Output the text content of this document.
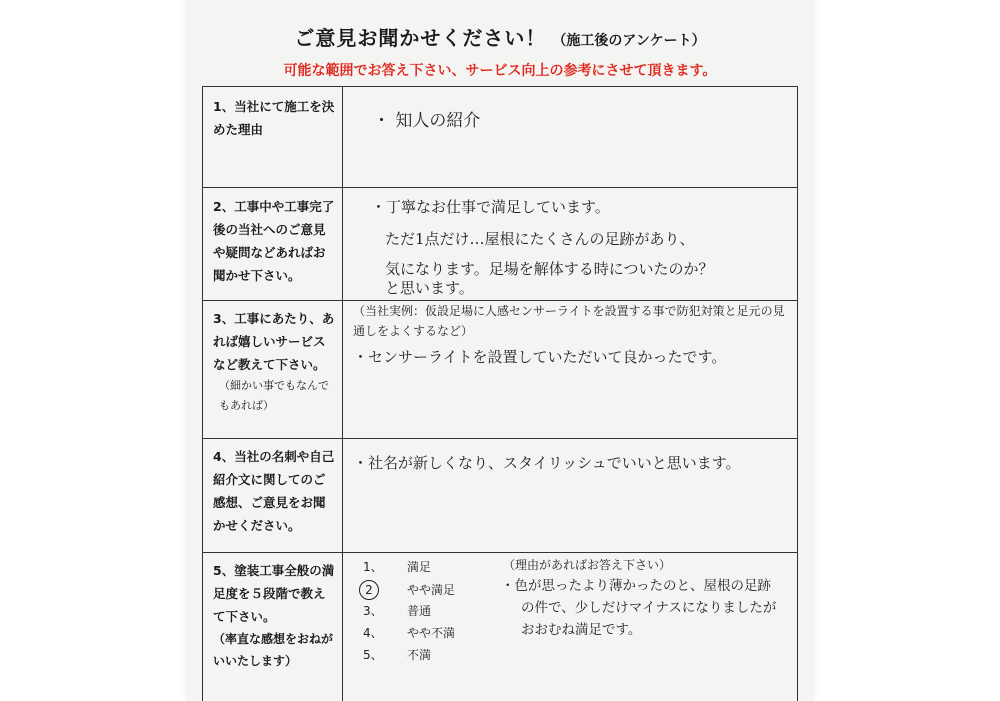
ご意見お聞かせください！ （施工後のアンケート）
可能な範囲でお答え下さい、サービス向上の参考にさせて頂きます。
1、当社にて施工を決めた理由	・ 知人の紹介
2、工事中や工事完了後の当社へのご意見や疑問などあればお聞かせ下さい。
・丁寧なお仕事で満足しています。
ただ1点だけ…屋根にたくさんの足跡があり、
気になります。足場を解体する時についたのか？
と思います。
3、工事にあたり、あれば嬉しいサービスなど教えて下さい。
（細かい事でもなんでもあれば）
（当社実例：仮設足場に人感センサーライトを設置する事で防犯対策と足元の見通しをよくするなど）
・センサーライトを設置していただいて良かったです。
4、当社の名刺や自己紹介文に関してのご感想、ご意見をお聞かせください。
・社名が新しくなり、スタイリッシュでいいと思います。
5、塗装工事全般の満足度を５段階で教えて下さい。
（率直な感想をおねがいいたします）
1、 満足
2	やや満足
3、 普通
4、 やや不満
5、 不満
（理由があればお答え下さい）
・色が思ったより薄かったのと、屋根の足跡
の件で、少しだけマイナスになりましたが
おおむね満足です。
